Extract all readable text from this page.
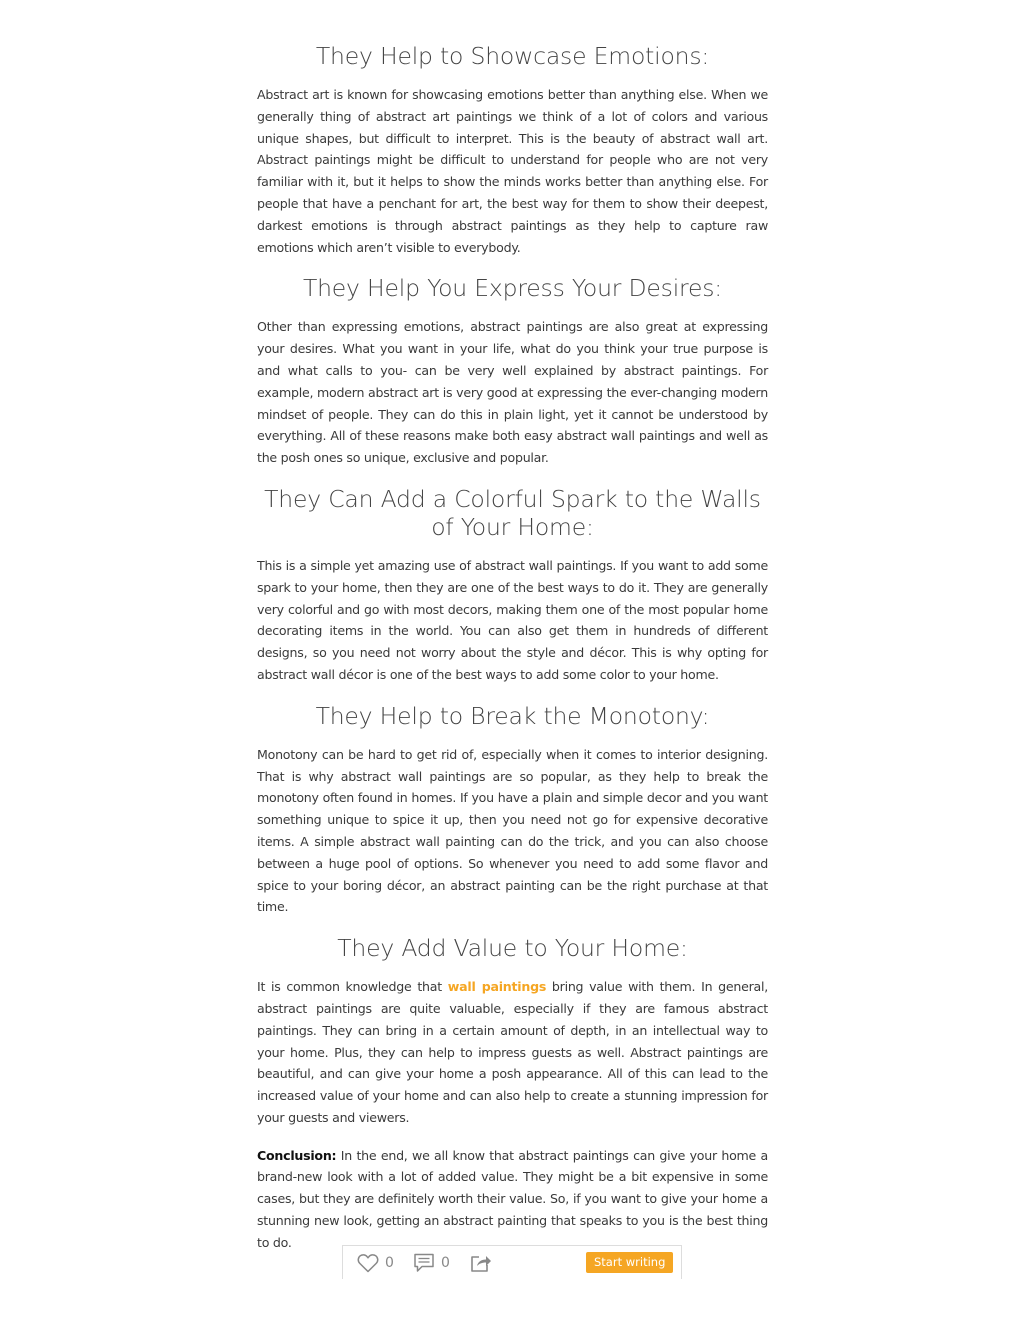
They Help to Showcase Emotions:

Abstract art is known for showcasing emotions better than anything else. When we generally thing of abstract art paintings we think of a lot of colors and various unique shapes, but difficult to interpret. This is the beauty of abstract wall art. Abstract paintings might be difficult to understand for people who are not very familiar with it, but it helps to show the minds works better than anything else. For people that have a penchant for art, the best way for them to show their deepest, darkest emotions is through abstract paintings as they help to capture raw emotions which aren’t visible to everybody.

They Help You Express Your Desires:

Other than expressing emotions, abstract paintings are also great at expressing your desires. What you want in your life, what do you think your true purpose is and what calls to you- can be very well explained by abstract paintings. For example, modern abstract art is very good at expressing the ever-changing modern mindset of people. They can do this in plain light, yet it cannot be understood by everything. All of these reasons make both easy abstract wall paintings and well as the posh ones so unique, exclusive and popular.

They Can Add a Colorful Spark to the Walls of Your Home:

This is a simple yet amazing use of abstract wall paintings. If you want to add some spark to your home, then they are one of the best ways to do it. They are generally very colorful and go with most decors, making them one of the most popular home decorating items in the world. You can also get them in hundreds of different designs, so you need not worry about the style and décor. This is why opting for abstract wall décor is one of the best ways to add some color to your home.

They Help to Break the Monotony:

Monotony can be hard to get rid of, especially when it comes to interior designing. That is why abstract wall paintings are so popular, as they help to break the monotony often found in homes. If you have a plain and simple decor and you want something unique to spice it up, then you need not go for expensive decorative items. A simple abstract wall painting can do the trick, and you can also choose between a huge pool of options. So whenever you need to add some flavor and spice to your boring décor, an abstract painting can be the right purchase at that time.

They Add Value to Your Home:

It is common knowledge that wall paintings bring value with them. In general, abstract paintings are quite valuable, especially if they are famous abstract paintings. They can bring in a certain amount of depth, in an intellectual way to your home. Plus, they can help to impress guests as well. Abstract paintings are beautiful, and can give your home a posh appearance. All of this can lead to the increased value of your home and can also help to create a stunning impression for your guests and viewers.

Conclusion: In the end, we all know that abstract paintings can give your home a brand-new look with a lot of added value. They might be a bit expensive in some cases, but they are definitely worth their value. So, if you want to give your home a stunning new look, getting an abstract painting that speaks to you is the best thing to do.

0	0	Start writing
